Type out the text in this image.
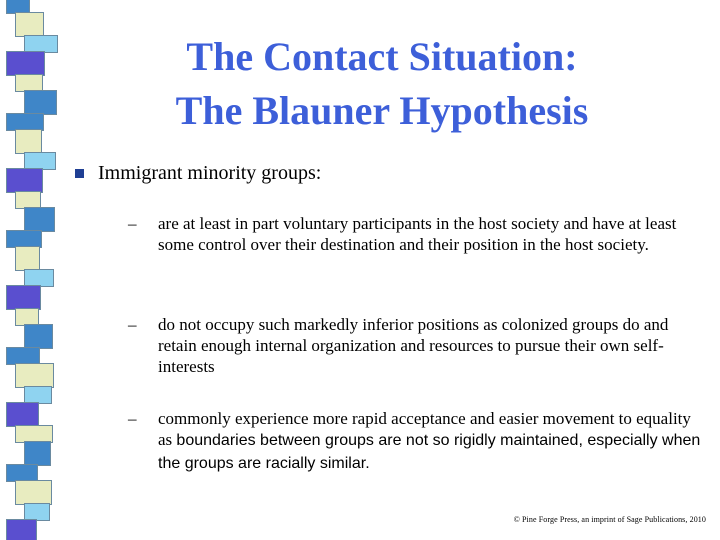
The Contact Situation:
The Blauner Hypothesis
Immigrant minority groups:
– are at least in part voluntary participants in the host society and have at least some control over their destination and their position in the host society.
– do not occupy such markedly inferior positions as colonized groups do and retain enough internal organization and resources to pursue their own self-interests
– commonly experience more rapid acceptance and easier movement to equality as boundaries between groups are not so rigidly maintained, especially when the groups are racially similar.
© Pine Forge Press, an imprint of Sage Publications, 2010
